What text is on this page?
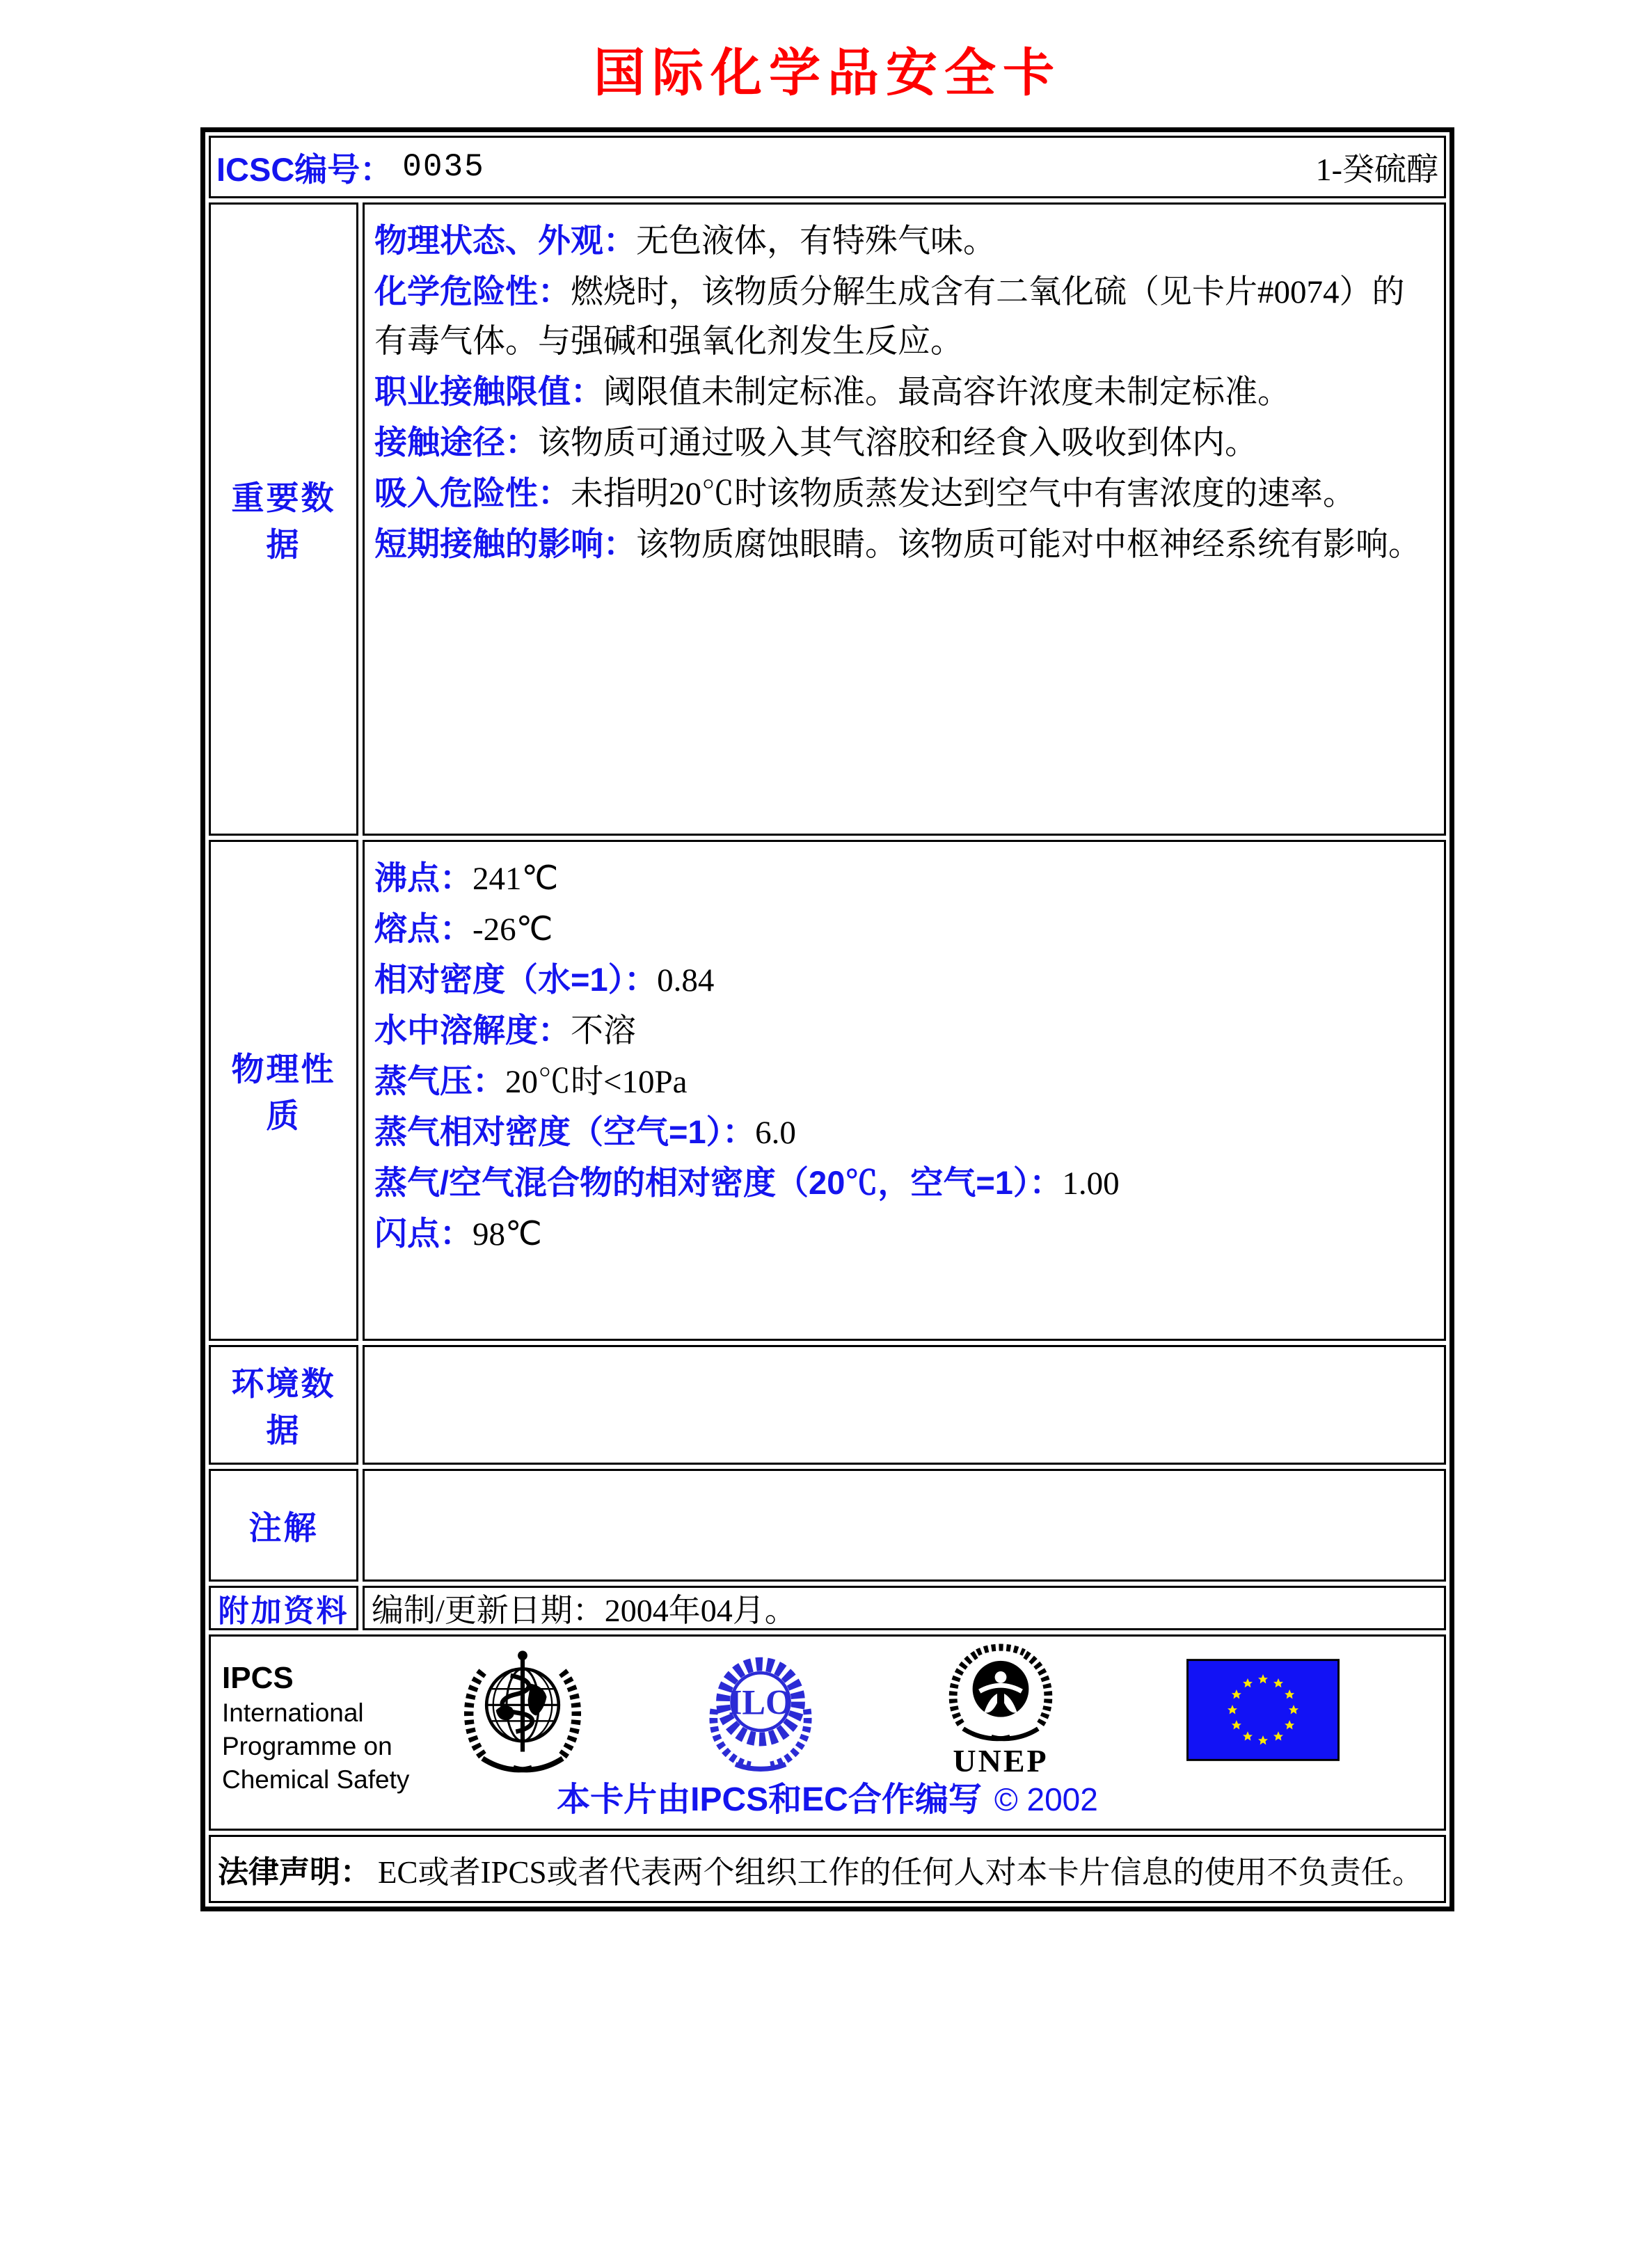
国际化学品安全卡
ICSC编号： 0035	1-癸硫醇
重要数据

物理状态、外观：无色液体，有特殊气味。

化学危险性：燃烧时，该物质分解生成含有二氧化硫（见卡片#0074）的有毒气体。与强碱和强氧化剂发生反应。

职业接触限值：阈限值未制定标准。最高容许浓度未制定标准。

接触途径：该物质可通过吸入其气溶胶和经食入吸收到体内。

吸入危险性：未指明20℃时该物质蒸发达到空气中有害浓度的速率。

短期接触的影响：该物质腐蚀眼睛。该物质可能对中枢神经系统有影响。

物理性质

沸点：241℃

熔点：-26℃

相对密度（水=1）：0.84

水中溶解度：不溶

蒸气压：20℃时<10Pa

蒸气相对密度（空气=1）：6.0

蒸气/空气混合物的相对密度（20℃，空气=1）：1.00

闪点：98℃

环境数据
注解
附加资料 编制/更新日期：2004年04月。
IPCS
International
Programme on
Chemical Safety
ILO
UNEP
本卡片由IPCS和EC合作编写 © 2002
法律声明： EC或者IPCS或者代表两个组织工作的任何人对本卡片信息的使用不负责任。
